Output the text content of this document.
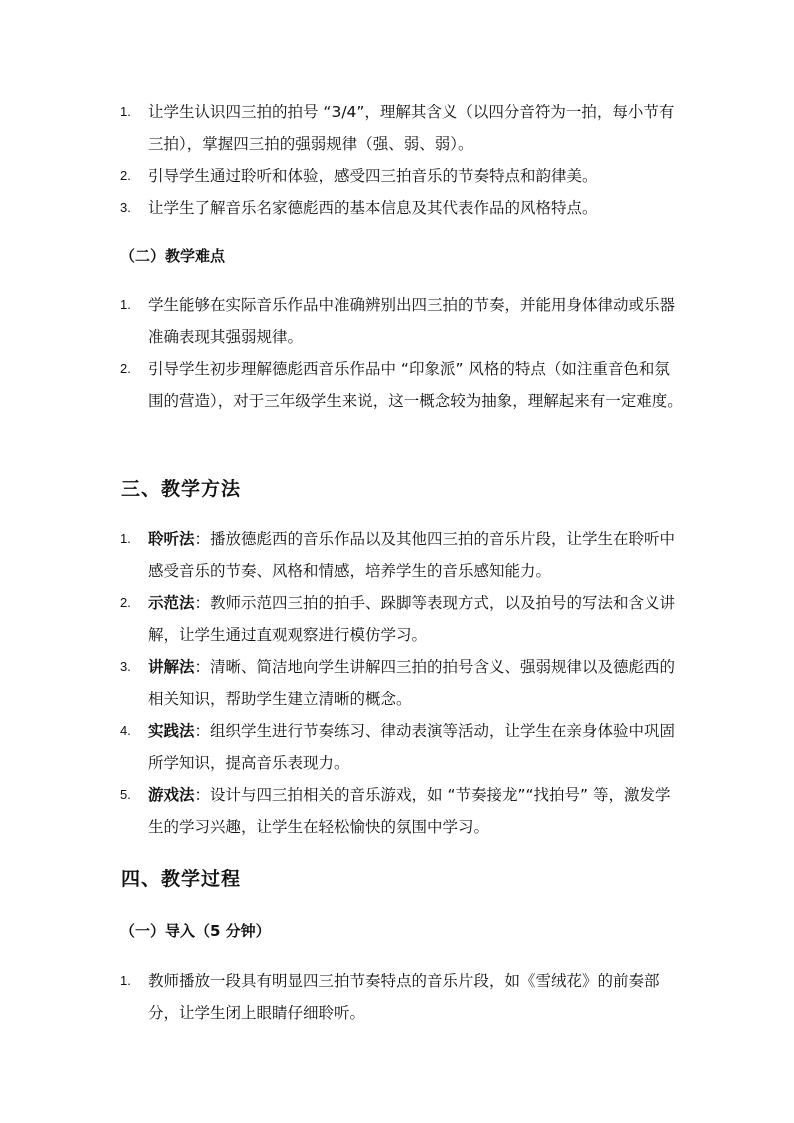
1. 让学生认识四三拍的拍号 “3/4”，理解其含义（以四分音符为一拍，每小节有三拍），掌握四三拍的强弱规律（强、弱、弱）。
2. 引导学生通过聆听和体验，感受四三拍音乐的节奏特点和韵律美。
3. 让学生了解音乐名家德彪西的基本信息及其代表作品的风格特点。
（二）教学难点
1. 学生能够在实际音乐作品中准确辨别出四三拍的节奏，并能用身体律动或乐器准确表现其强弱规律。
2. 引导学生初步理解德彪西音乐作品中 “印象派” 风格的特点（如注重音色和氛围的营造），对于三年级学生来说，这一概念较为抽象，理解起来有一定难度。
三、教学方法
1. 聆听法：播放德彪西的音乐作品以及其他四三拍的音乐片段，让学生在聆听中感受音乐的节奏、风格和情感，培养学生的音乐感知能力。
2. 示范法：教师示范四三拍的拍手、跺脚等表现方式，以及拍号的写法和含义讲解，让学生通过直观观察进行模仿学习。
3. 讲解法：清晰、简洁地向学生讲解四三拍的拍号含义、强弱规律以及德彪西的相关知识，帮助学生建立清晰的概念。
4. 实践法：组织学生进行节奏练习、律动表演等活动，让学生在亲身体验中巩固所学知识，提高音乐表现力。
5. 游戏法：设计与四三拍相关的音乐游戏，如 “节奏接龙”“找拍号” 等，激发学生的学习兴趣，让学生在轻松愉快的氛围中学习。
四、教学过程
（一）导入（5 分钟）
1. 教师播放一段具有明显四三拍节奏特点的音乐片段，如《雪绒花》的前奏部分，让学生闭上眼睛仔细聆听。
